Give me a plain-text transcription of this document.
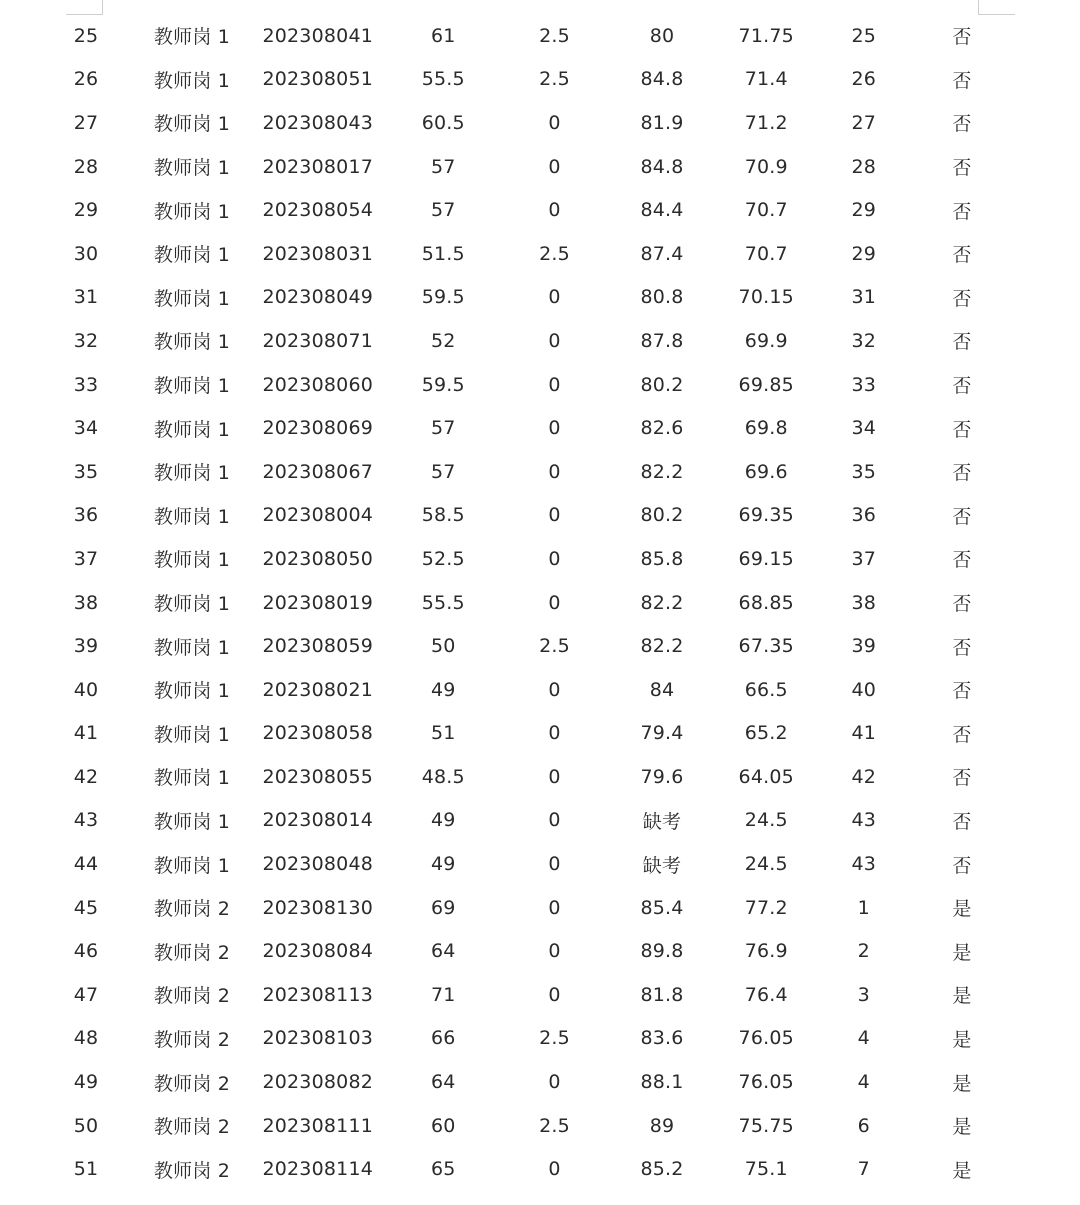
25	教师岗 1	202308041	61	2.5	80	71.75	25	否
26	教师岗 1	202308051	55.5	2.5	84.8	71.4	26	否
27	教师岗 1	202308043	60.5	0	81.9	71.2	27	否
28	教师岗 1	202308017	57	0	84.8	70.9	28	否
29	教师岗 1	202308054	57	0	84.4	70.7	29	否
30	教师岗 1	202308031	51.5	2.5	87.4	70.7	29	否
31	教师岗 1	202308049	59.5	0	80.8	70.15	31	否
32	教师岗 1	202308071	52	0	87.8	69.9	32	否
33	教师岗 1	202308060	59.5	0	80.2	69.85	33	否
34	教师岗 1	202308069	57	0	82.6	69.8	34	否
35	教师岗 1	202308067	57	0	82.2	69.6	35	否
36	教师岗 1	202308004	58.5	0	80.2	69.35	36	否
37	教师岗 1	202308050	52.5	0	85.8	69.15	37	否
38	教师岗 1	202308019	55.5	0	82.2	68.85	38	否
39	教师岗 1	202308059	50	2.5	82.2	67.35	39	否
40	教师岗 1	202308021	49	0	84	66.5	40	否
41	教师岗 1	202308058	51	0	79.4	65.2	41	否
42	教师岗 1	202308055	48.5	0	79.6	64.05	42	否
43	教师岗 1	202308014	49	0	缺考	24.5	43	否
44	教师岗 1	202308048	49	0	缺考	24.5	43	否
45	教师岗 2	202308130	69	0	85.4	77.2	1	是
46	教师岗 2	202308084	64	0	89.8	76.9	2	是
47	教师岗 2	202308113	71	0	81.8	76.4	3	是
48	教师岗 2	202308103	66	2.5	83.6	76.05	4	是
49	教师岗 2	202308082	64	0	88.1	76.05	4	是
50	教师岗 2	202308111	60	2.5	89	75.75	6	是
51	教师岗 2	202308114	65	0	85.2	75.1	7	是
